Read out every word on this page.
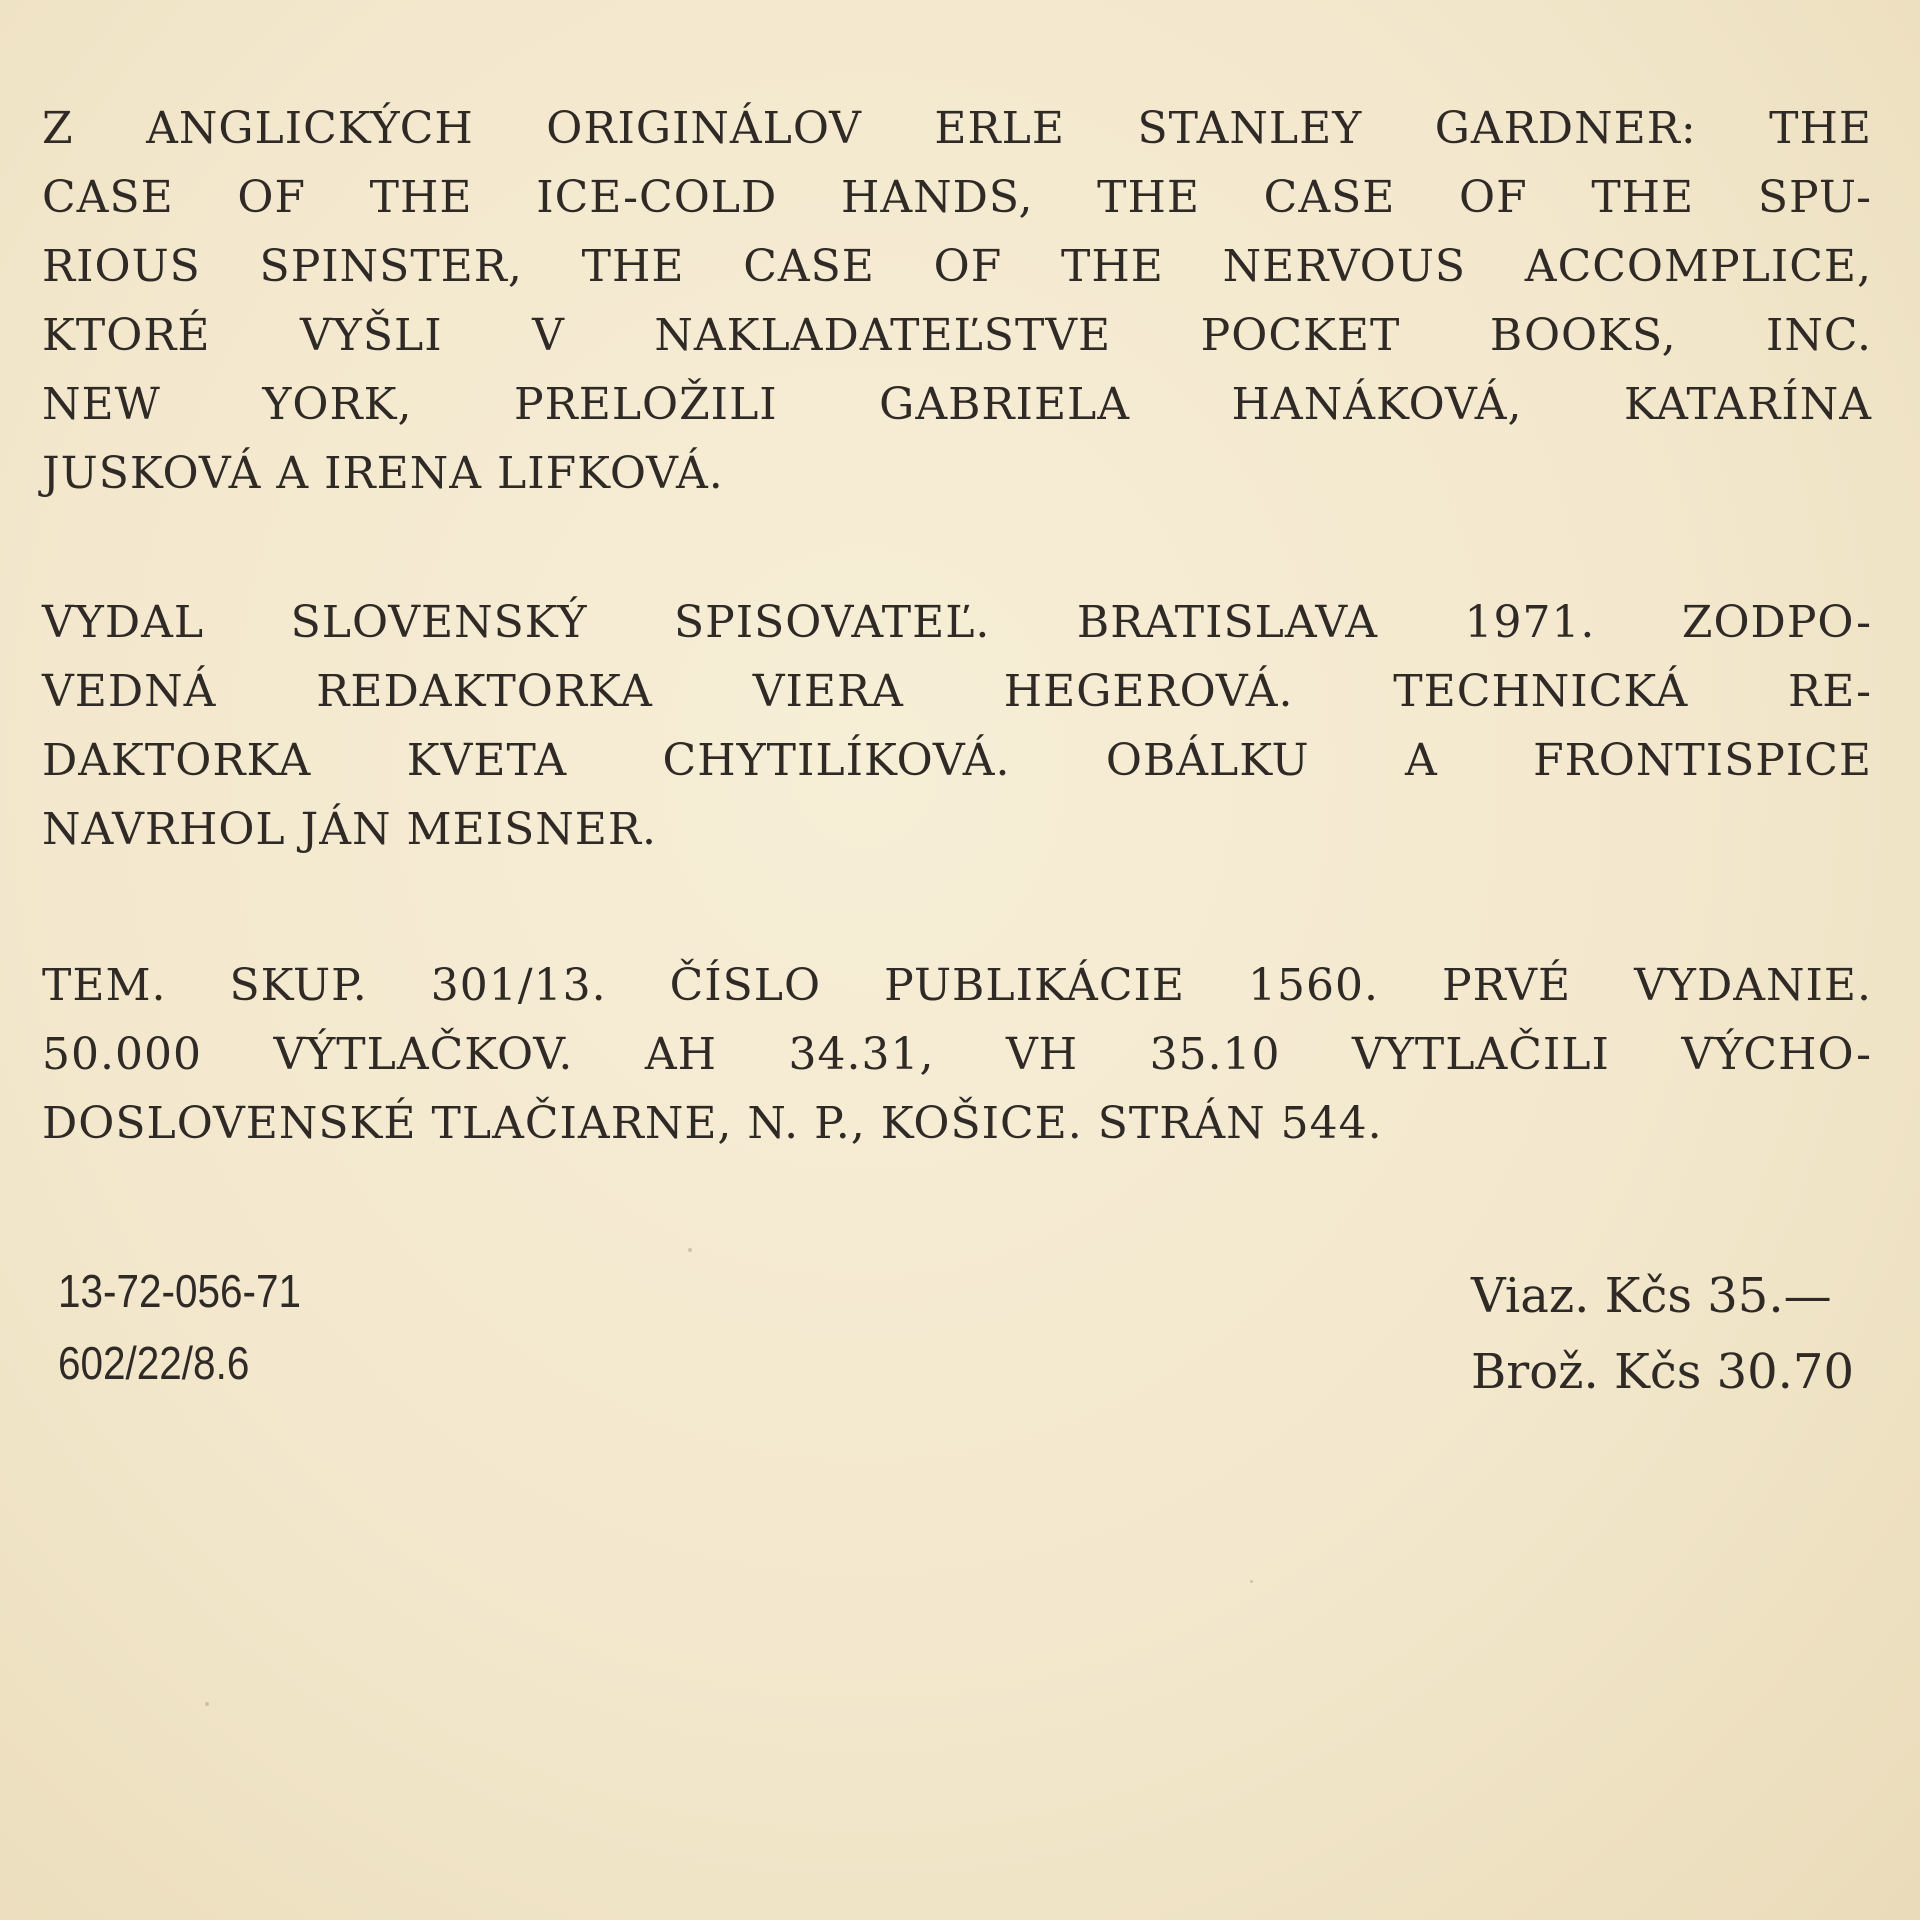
Z ANGLICKÝCH ORIGINÁLOV ERLE STANLEY GARDNER: THE
CASE OF THE ICE-COLD HANDS, THE CASE OF THE SPU-
RIOUS SPINSTER, THE CASE OF THE NERVOUS ACCOMPLICE,
KTORÉ VYŠLI V NAKLADATEĽSTVE POCKET BOOKS, INC.
NEW YORK, PRELOŽILI GABRIELA HANÁKOVÁ, KATARÍNA
JUSKOVÁ A IRENA LIFKOVÁ.
VYDAL SLOVENSKÝ SPISOVATEĽ. BRATISLAVA 1971. ZODPO-
VEDNÁ REDAKTORKA VIERA HEGEROVÁ. TECHNICKÁ RE-
DAKTORKA KVETA CHYTILÍKOVÁ. OBÁLKU A FRONTISPICE
NAVRHOL JÁN MEISNER.
TEM. SKUP. 301/13. ČÍSLO PUBLIKÁCIE 1560. PRVÉ VYDANIE.
50.000 VÝTLAČKOV. AH 34.31, VH 35.10 VYTLAČILI VÝCHO-
DOSLOVENSKÉ TLAČIARNE, N. P., KOŠICE. STRÁN 544.
13-72-056-71
602/22/8.6
Viaz. Kčs 35.—
Brož. Kčs 30.70
